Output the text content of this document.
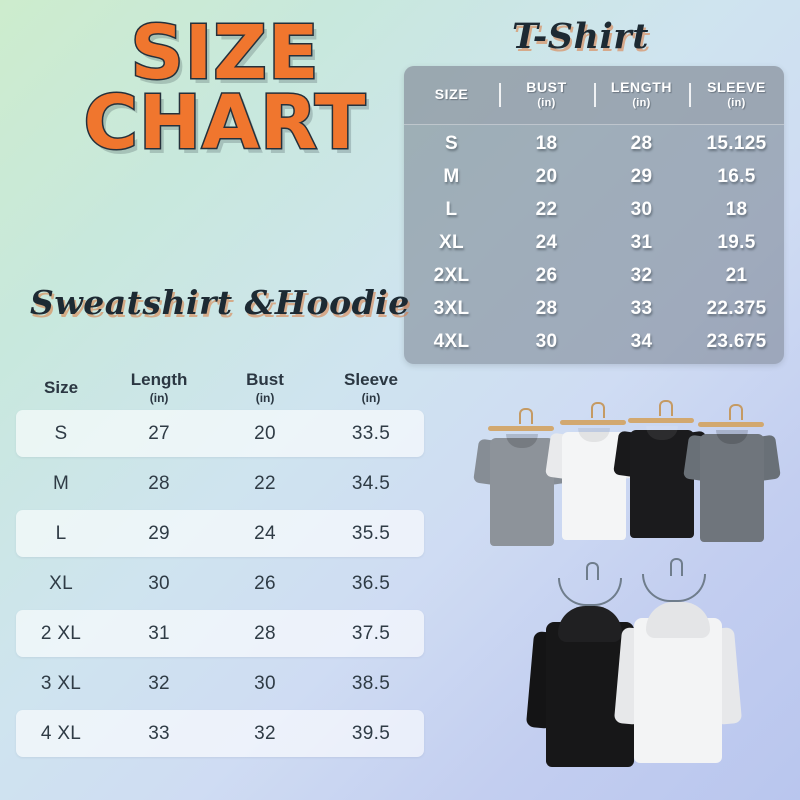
SIZE
CHART
T-Shirt
SIZE	BUST
(in)
LENGTH
(in)
SLEEVE
(in)
S	18	28	15.125
M	20	29	16.5
L	22	30	18
XL	24	31	19.5
2XL	26	32	21
3XL	28	33	22.375
4XL	30	34	23.675
Sweatshirt &Hoodie
Size	Length
(in)
Bust
(in)
Sleeve
(in)
S	27	20	33.5
M	28	22	34.5
L	29	24	35.5
XL	30	26	36.5
2 XL	31	28	37.5
3 XL	32	30	38.5
4 XL	33	32	39.5
